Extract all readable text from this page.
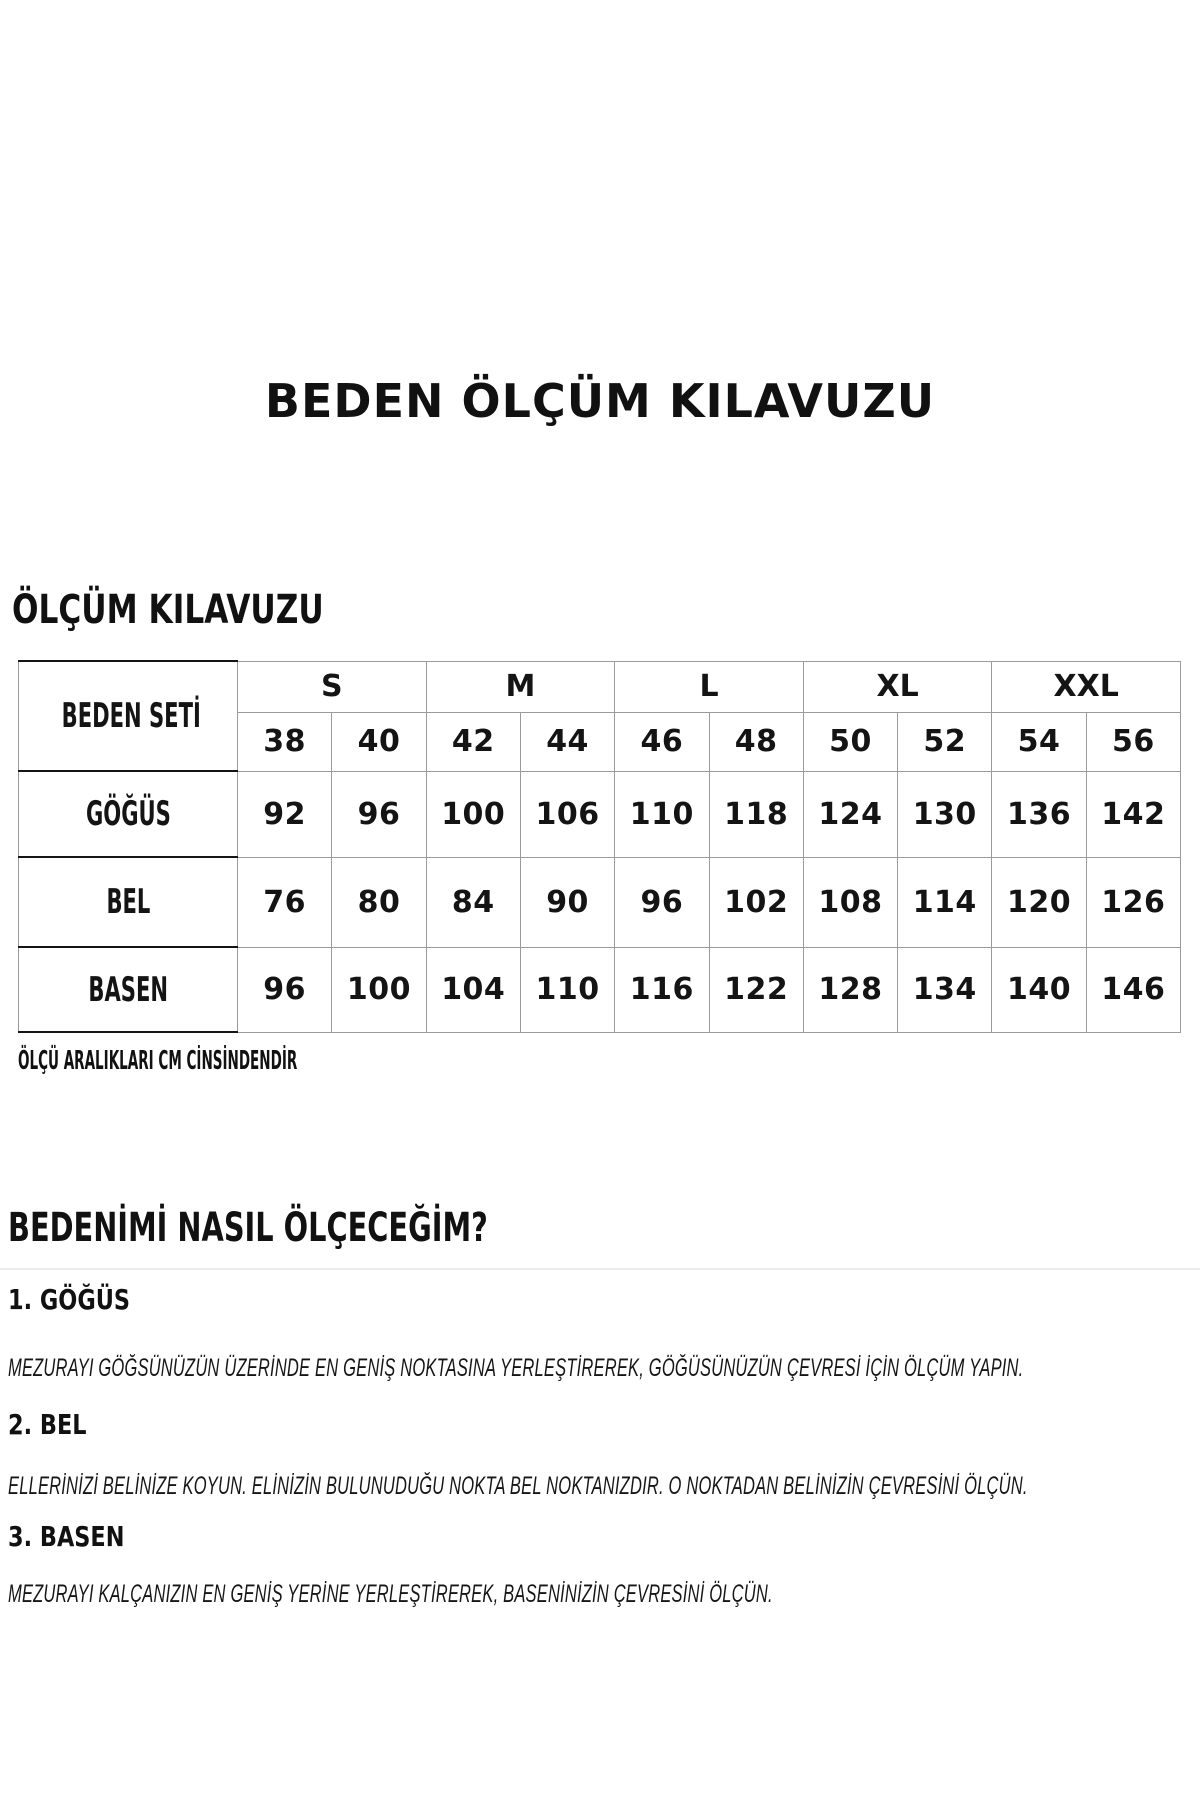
BEDEN ÖLÇÜM KILAVUZU
ÖLÇÜM KILAVUZU
BEDEN SETİ	S		M		L		XL		XXL	
	38	40	42	44	46	48	50	52	54	56
GÖĞÜS	92	96	100	106	110	118	124	130	136	142
BEL	76	80	84	90	96	102	108	114	120	126
BASEN	96	100	104	110	116	122	128	134	140	146
ÖLÇÜ ARALIKLARI CM CİNSİNDENDİR
BEDENİMİ NASIL ÖLÇECEĞİM?
1. GÖĞÜS
MEZURAYI GÖĞSÜNÜZÜN ÜZERİNDE EN GENİŞ NOKTASINA YERLEŞTİREREK, GÖĞÜSÜNÜZÜN ÇEVRESİ İÇİN ÖLÇÜM YAPIN.
2. BEL
ELLERİNİZİ BELİNİZE KOYUN. ELİNİZİN BULUNUDUĞU NOKTA BEL NOKTANIZDIR. O NOKTADAN BELİNİZİN ÇEVRESİNİ ÖLÇÜN.
3. BASEN
MEZURAYI KALÇANIZIN EN GENİŞ YERİNE YERLEŞTİREREK, BASENİNİZİN ÇEVRESİNİ ÖLÇÜN.
